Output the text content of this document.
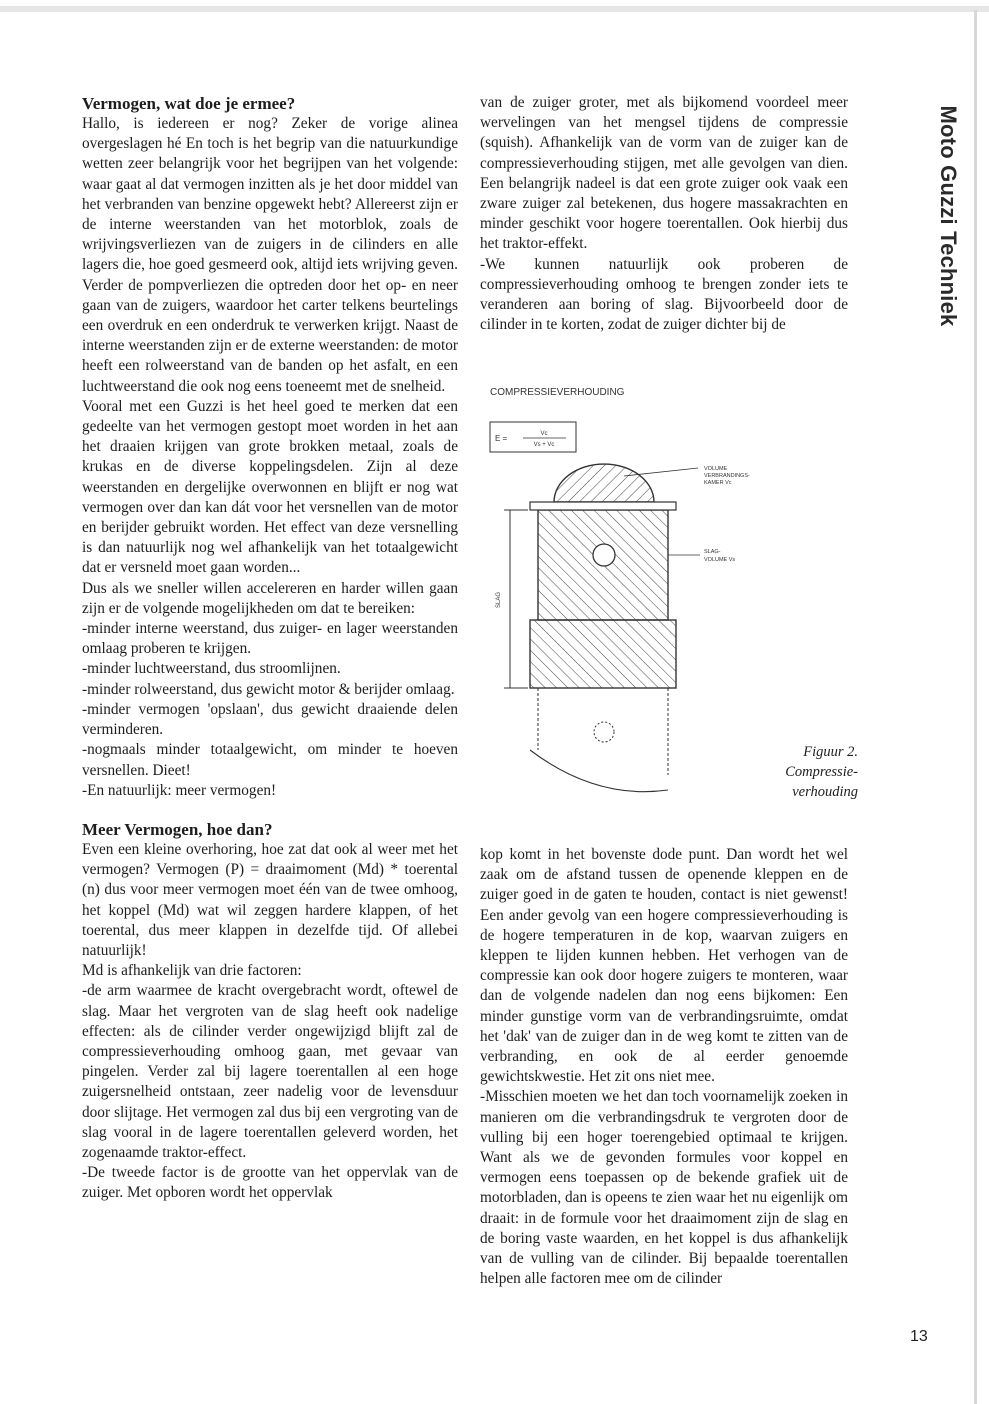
Moto Guzzi Techniek
13
Vermogen, wat doe je ermee?

Hallo, is iedereen er nog? Zeker de vorige alinea overgeslagen hé En toch is het begrip van die natuurkundige wetten zeer belangrijk voor het begrijpen van het volgende: waar gaat al dat vermogen inzitten als je het door middel van het verbranden van benzine opgewekt hebt? Allereerst zijn er de interne weerstanden van het motorblok, zoals de wrijvingsverliezen van de zuigers in de cilinders en alle lagers die, hoe goed gesmeerd ook, altijd iets wrijving geven. Verder de pompverliezen die optreden door het op- en neer gaan van de zuigers, waardoor het carter telkens beurtelings een overdruk en een onderdruk te verwerken krijgt. Naast de interne weerstanden zijn er de externe weerstanden: de motor heeft een rolweerstand van de banden op het asfalt, en een luchtweerstand die ook nog eens toeneemt met de snelheid.

Vooral met een Guzzi is het heel goed te merken dat een gedeelte van het vermogen gestopt moet worden in het aan het draaien krijgen van grote brokken metaal, zoals de krukas en de diverse koppelingsdelen. Zijn al deze weerstanden en dergelijke overwonnen en blijft er nog wat vermogen over dan kan dát voor het versnellen van de motor en berijder gebruikt worden. Het effect van deze versnelling is dan natuurlijk nog wel afhankelijk van het totaalgewicht dat er versneld moet gaan worden...

Dus als we sneller willen accelereren en harder willen gaan zijn er de volgende mogelijkheden om dat te bereiken:

-minder interne weerstand, dus zuiger- en lager weerstanden omlaag proberen te krijgen.

-minder luchtweerstand, dus stroomlijnen.

-minder rolweerstand, dus gewicht motor & berijder omlaag.

-minder vermogen 'opslaan', dus gewicht draaiende delen verminderen.

-nogmaals minder totaalgewicht, om minder te hoeven versnellen. Dieet!

-En natuurlijk: meer vermogen!

Meer Vermogen, hoe dan?

Even een kleine overhoring, hoe zat dat ook al weer met het vermogen? Vermogen (P) = draaimoment (Md) * toerental (n) dus voor meer vermogen moet één van de twee omhoog, het koppel (Md) wat wil zeggen hardere klappen, of het toerental, dus meer klappen in dezelfde tijd. Of allebei natuurlijk!

Md is afhankelijk van drie factoren:

-de arm waarmee de kracht overgebracht wordt, oftewel de slag. Maar het vergroten van de slag heeft ook nadelige effecten: als de cilinder verder ongewijzigd blijft zal de compressieverhouding omhoog gaan, met gevaar van pingelen. Verder zal bij lagere toerentallen al een hoge zuigersnelheid ontstaan, zeer nadelig voor de levensduur door slijtage. Het vermogen zal dus bij een vergroting van de slag vooral in de lagere toerentallen geleverd worden, het zogenaamde traktor-effect.

-De tweede factor is de grootte van het oppervlak van de zuiger. Met opboren wordt het oppervlak

van de zuiger groter, met als bijkomend voordeel meer wervelingen van het mengsel tijdens de compressie (squish). Afhankelijk van de vorm van de zuiger kan de compressieverhouding stijgen, met alle gevolgen van dien. Een belangrijk nadeel is dat een grote zuiger ook vaak een zware zuiger zal betekenen, dus hogere massakrachten en minder geschikt voor hogere toerentallen. Ook hierbij dus het traktor-effekt.

-We kunnen natuurlijk ook proberen de compressieverhouding omhoog te brengen zonder iets te veranderen aan boring of slag. Bijvoorbeeld door de cilinder in te korten, zodat de zuiger dichter bij de

COMPRESSIEVERHOUDING
E =	Vc
Vs + Vc
SLAG
VOLUME VERBRANDINGS- KAMER Vc
SLAG- VOLUME Vs
Figuur 2.
Compressie-
verhouding

kop komt in het bovenste dode punt. Dan wordt het wel zaak om de afstand tussen de openende kleppen en de zuiger goed in de gaten te houden, contact is niet gewenst! Een ander gevolg van een hogere compressieverhouding is de hogere temperaturen in de kop, waarvan zuigers en kleppen te lijden kunnen hebben. Het verhogen van de compressie kan ook door hogere zuigers te monteren, waar dan de volgende nadelen dan nog eens bijkomen: Een minder gunstige vorm van de verbrandingsruimte, omdat het 'dak' van de zuiger dan in de weg komt te zitten van de verbranding, en ook de al eerder genoemde gewichtskwestie. Het zit ons niet mee.

-Misschien moeten we het dan toch voornamelijk zoeken in manieren om die verbrandingsdruk te vergroten door de vulling bij een hoger toerengebied optimaal te krijgen. Want als we de gevonden formules voor koppel en vermogen eens toepassen op de bekende grafiek uit de motorbladen, dan is opeens te zien waar het nu eigenlijk om draait: in de formule voor het draaimoment zijn de slag en de boring vaste waarden, en het koppel is dus afhankelijk van de vulling van de cilinder. Bij bepaalde toerentallen helpen alle factoren mee om de cilinder
